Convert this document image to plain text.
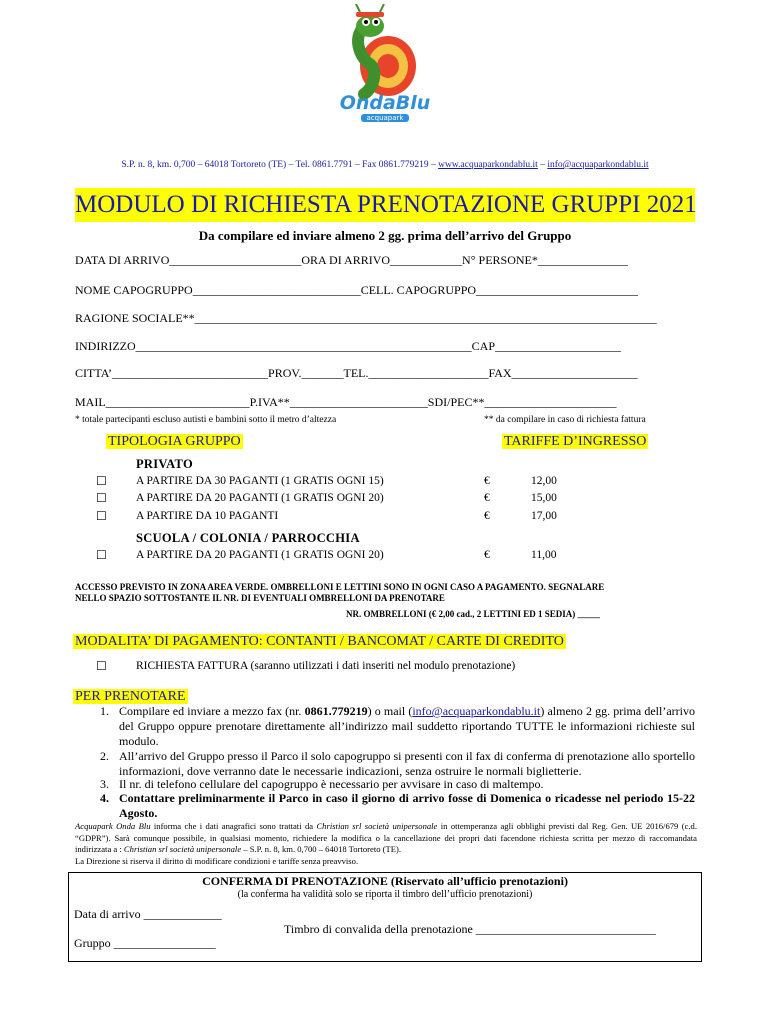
OndaBlu
acquapark
S.P. n. 8, km. 0,700 – 64018 Tortoreto (TE) – Tel. 0861.7791 – Fax 0861.779219 – www.acquaparkondablu.it – info@acquaparkondablu.it
MODULO DI RICHIESTA PRENOTAZIONE GRUPPI 2021
Da compilare ed inviare almeno 2 gg. prima dell’arrivo del Gruppo
DATA DI ARRIVO______________________ORA DI ARRIVO____________N° PERSONE*_______________
NOME CAPOGRUPPO____________________________CELL. CAPOGRUPPO___________________________
RAGIONE SOCIALE**_____________________________________________________________________________
INDIRIZZO________________________________________________________CAP_____________________
CITTA’__________________________PROV._______TEL.____________________FAX_____________________
MAIL________________________P.IVA**_______________________SDI/PEC**______________________
* totale partecipanti escluso autisti e bambini sotto il metro d’altezza	** da compilare in caso di richiesta fattura
TIPOLOGIA GRUPPO	TARIFFE D’INGRESSO
PRIVATO
☐	A PARTIRE DA 30 PAGANTI (1 GRATIS OGNI 15)	€	12,00
☐	A PARTIRE DA 20 PAGANTI (1 GRATIS OGNI 20)	€	15,00
☐	A PARTIRE DA 10 PAGANTI	€	17,00
SCUOLA / COLONIA / PARROCCHIA
☐	A PARTIRE DA 20 PAGANTI (1 GRATIS OGNI 20)	€	11,00
ACCESSO PREVISTO IN ZONA AREA VERDE. OMBRELLONI E LETTINI SONO IN OGNI CASO A PAGAMENTO. SEGNALARE
NELLO SPAZIO SOTTOSTANTE IL NR. DI EVENTUALI OMBRELLONI DA PRENOTARE
NR. OMBRELLONI (€ 2,00 cad., 2 LETTINI ED 1 SEDIA) _____
MODALITA’ DI PAGAMENTO: CONTANTI / BANCOMAT / CARTE DI CREDITO
☐	RICHIESTA FATTURA (saranno utilizzati i dati inseriti nel modulo prenotazione)
PER PRENOTARE
1. Compilare ed inviare a mezzo fax (nr. 0861.779219) o mail (info@acquaparkondablu.it) almeno 2 gg. prima dell’arrivo del Gruppo oppure prenotare direttamente all’indirizzo mail suddetto riportando TUTTE le informazioni richieste sul modulo.
2. All’arrivo del Gruppo presso il Parco il solo capogruppo si presenti con il fax di conferma di prenotazione allo sportello informazioni, dove verranno date le necessarie indicazioni, senza ostruire le normali biglietterie.
3. Il nr. di telefono cellulare del capogruppo è necessario per avvisare in caso di maltempo.
4. Contattare preliminarmente il Parco in caso il giorno di arrivo fosse di Domenica o ricadesse nel periodo 15-22 Agosto.
Acquapark Onda Blu informa che i dati anagrafici sono trattati da Christian srl società unipersonale in ottemperanza agli obblighi previsti dal Reg. Gen. UE 2016/679 (c.d. “GDPR”). Sarà comunque possibile, in qualsiasi momento, richiedere la modifica o la cancellazione dei propri dati facendone richiesta scritta per mezzo di raccomandata indirizzata a : Christian srl società unipersonale – S.P. n. 8, km. 0,700 – 64018 Tortoreto (TE).
La Direzione si riserva il diritto di modificare condizioni e tariffe senza preavviso.
CONFERMA DI PRENOTAZIONE (Riservato all’ufficio prenotazioni)
(la conferma ha validità solo se riporta il timbro dell’ufficio prenotazioni)
Data di arrivo _____________
Timbro di convalida della prenotazione ______________________________
Gruppo _________________
